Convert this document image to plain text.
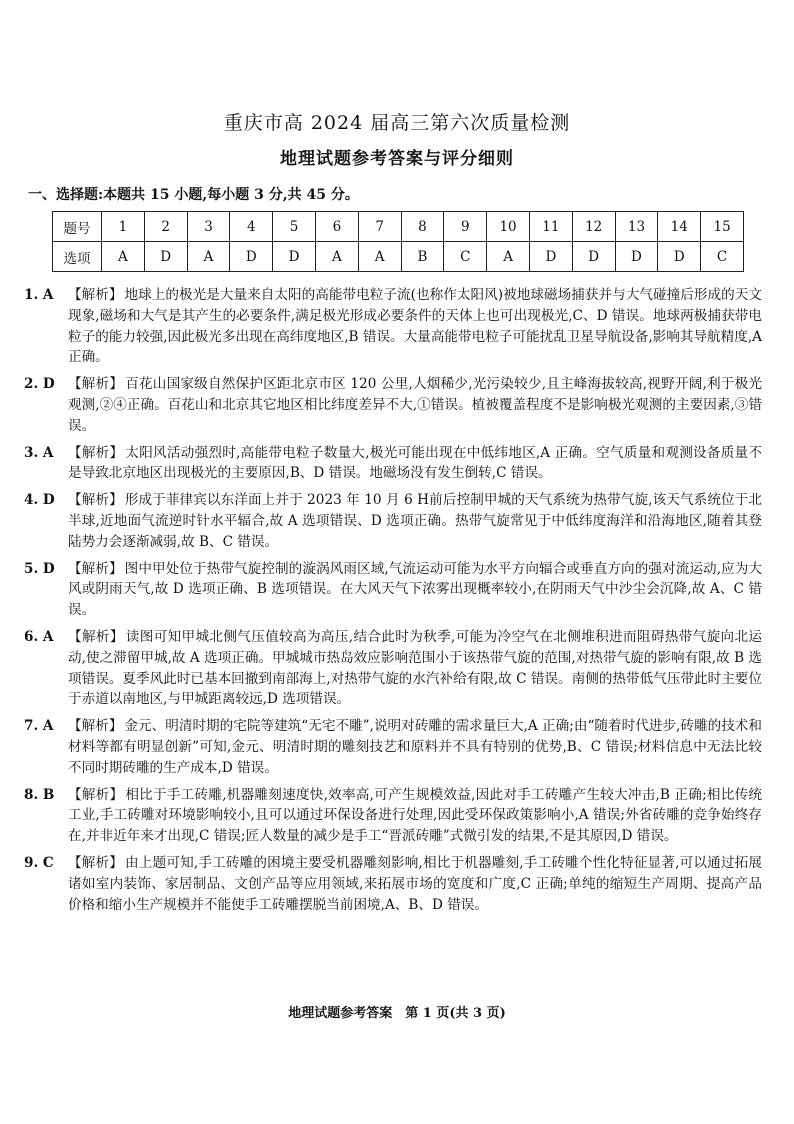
重庆市高 2024 届高三第六次质量检测
地理试题参考答案与评分细则
一、选择题:本题共 15 小题,每小题 3 分,共 45 分。
题号	1	2	3	4	5	6	7	8	9	10	11	12	13	14	15
选项	A	D	A	D	D	A	A	B	C	A	D	D	D	D	C
1. A 【解析】 地球上的极光是大量来自太阳的高能带电粒子流(也称作太阳风)被地球磁场捕获并与大气碰撞后形成的天文现象,磁场和大气是其产生的必要条件,满足极光形成必要条件的天体上也可出现极光,C、D 错误。地球两极捕获带电粒子的能力较强,因此极光多出现在高纬度地区,B 错误。大量高能带电粒子可能扰乱卫星导航设备,影响其导航精度,A 正确。
2. D 【解析】 百花山国家级自然保护区距北京市区 120 公里,人烟稀少,光污染较少,且主峰海拔较高,视野开阔,利于极光观测,②④正确。百花山和北京其它地区相比纬度差异不大,①错误。植被覆盖程度不是影响极光观测的主要因素,③错误。
3. A 【解析】 太阳风活动强烈时,高能带电粒子数量大,极光可能出现在中低纬地区,A 正确。空气质量和观测设备质量不是导致北京地区出现极光的主要原因,B、D 错误。地磁场没有发生倒转,C 错误。
4. D 【解析】 形成于菲律宾以东洋面上并于 2023 年 10 月 6 H前后控制甲城的天气系统为热带气旋,该天气系统位于北半球,近地面气流逆时针水平辐合,故 A 选项错误、D 选项正确。热带气旋常见于中低纬度海洋和沿海地区,随着其登陆势力会逐渐减弱,故 B、C 错误。
5. D 【解析】 图中甲处位于热带气旋控制的漩涡风雨区域,气流运动可能为水平方向辐合或垂直方向的强对流运动,应为大风或阴雨天气,故 D 选项正确、B 选项错误。在大风天气下浓雾出现概率较小,在阴雨天气中沙尘会沉降,故 A、C 错误。
6. A 【解析】 读图可知甲城北侧气压值较高为高压,结合此时为秋季,可能为冷空气在北侧堆积进而阻碍热带气旋向北运动,使之滞留甲城,故 A 选项正确。甲城城市热岛效应影响范围小于该热带气旋的范围,对热带气旋的影响有限,故 B 选项错误。夏季风此时已基本回撤到南部海上,对热带气旋的水汽补给有限,故 C 错误。南侧的热带低气压带此时主要位于赤道以南地区,与甲城距离较远,D 选项错误。
7. A 【解析】 金元、明清时期的宅院等建筑“无宅不雕”,说明对砖雕的需求量巨大,A 正确;由“随着时代进步,砖雕的技术和材料等都有明显创新”可知,金元、明清时期的雕刻技艺和原料并不具有特别的优势,B、C 错误;材料信息中无法比较不同时期砖雕的生产成本,D 错误。
8. B 【解析】 相比于手工砖雕,机器雕刻速度快,效率高,可产生规模效益,因此对手工砖雕产生较大冲击,B 正确;相比传统工业,手工砖雕对环境影响较小,且可以通过环保设备进行处理,因此受环保政策影响小,A 错误;外省砖雕的竞争始终存在,并非近年来才出现,C 错误;匠人数量的减少是手工“晋派砖雕”式微引发的结果,不是其原因,D 错误。
9. C 【解析】 由上题可知,手工砖雕的困境主要受机器雕刻影响,相比于机器雕刻,手工砖雕个性化特征显著,可以通过拓展诸如室内装饰、家居制品、文创产品等应用领域,来拓展市场的宽度和广度,C 正确;单纯的缩短生产周期、提高产品价格和缩小生产规模并不能使手工砖雕摆脱当前困境,A、B、D 错误。
地理试题参考答案　第 1 页(共 3 页)
